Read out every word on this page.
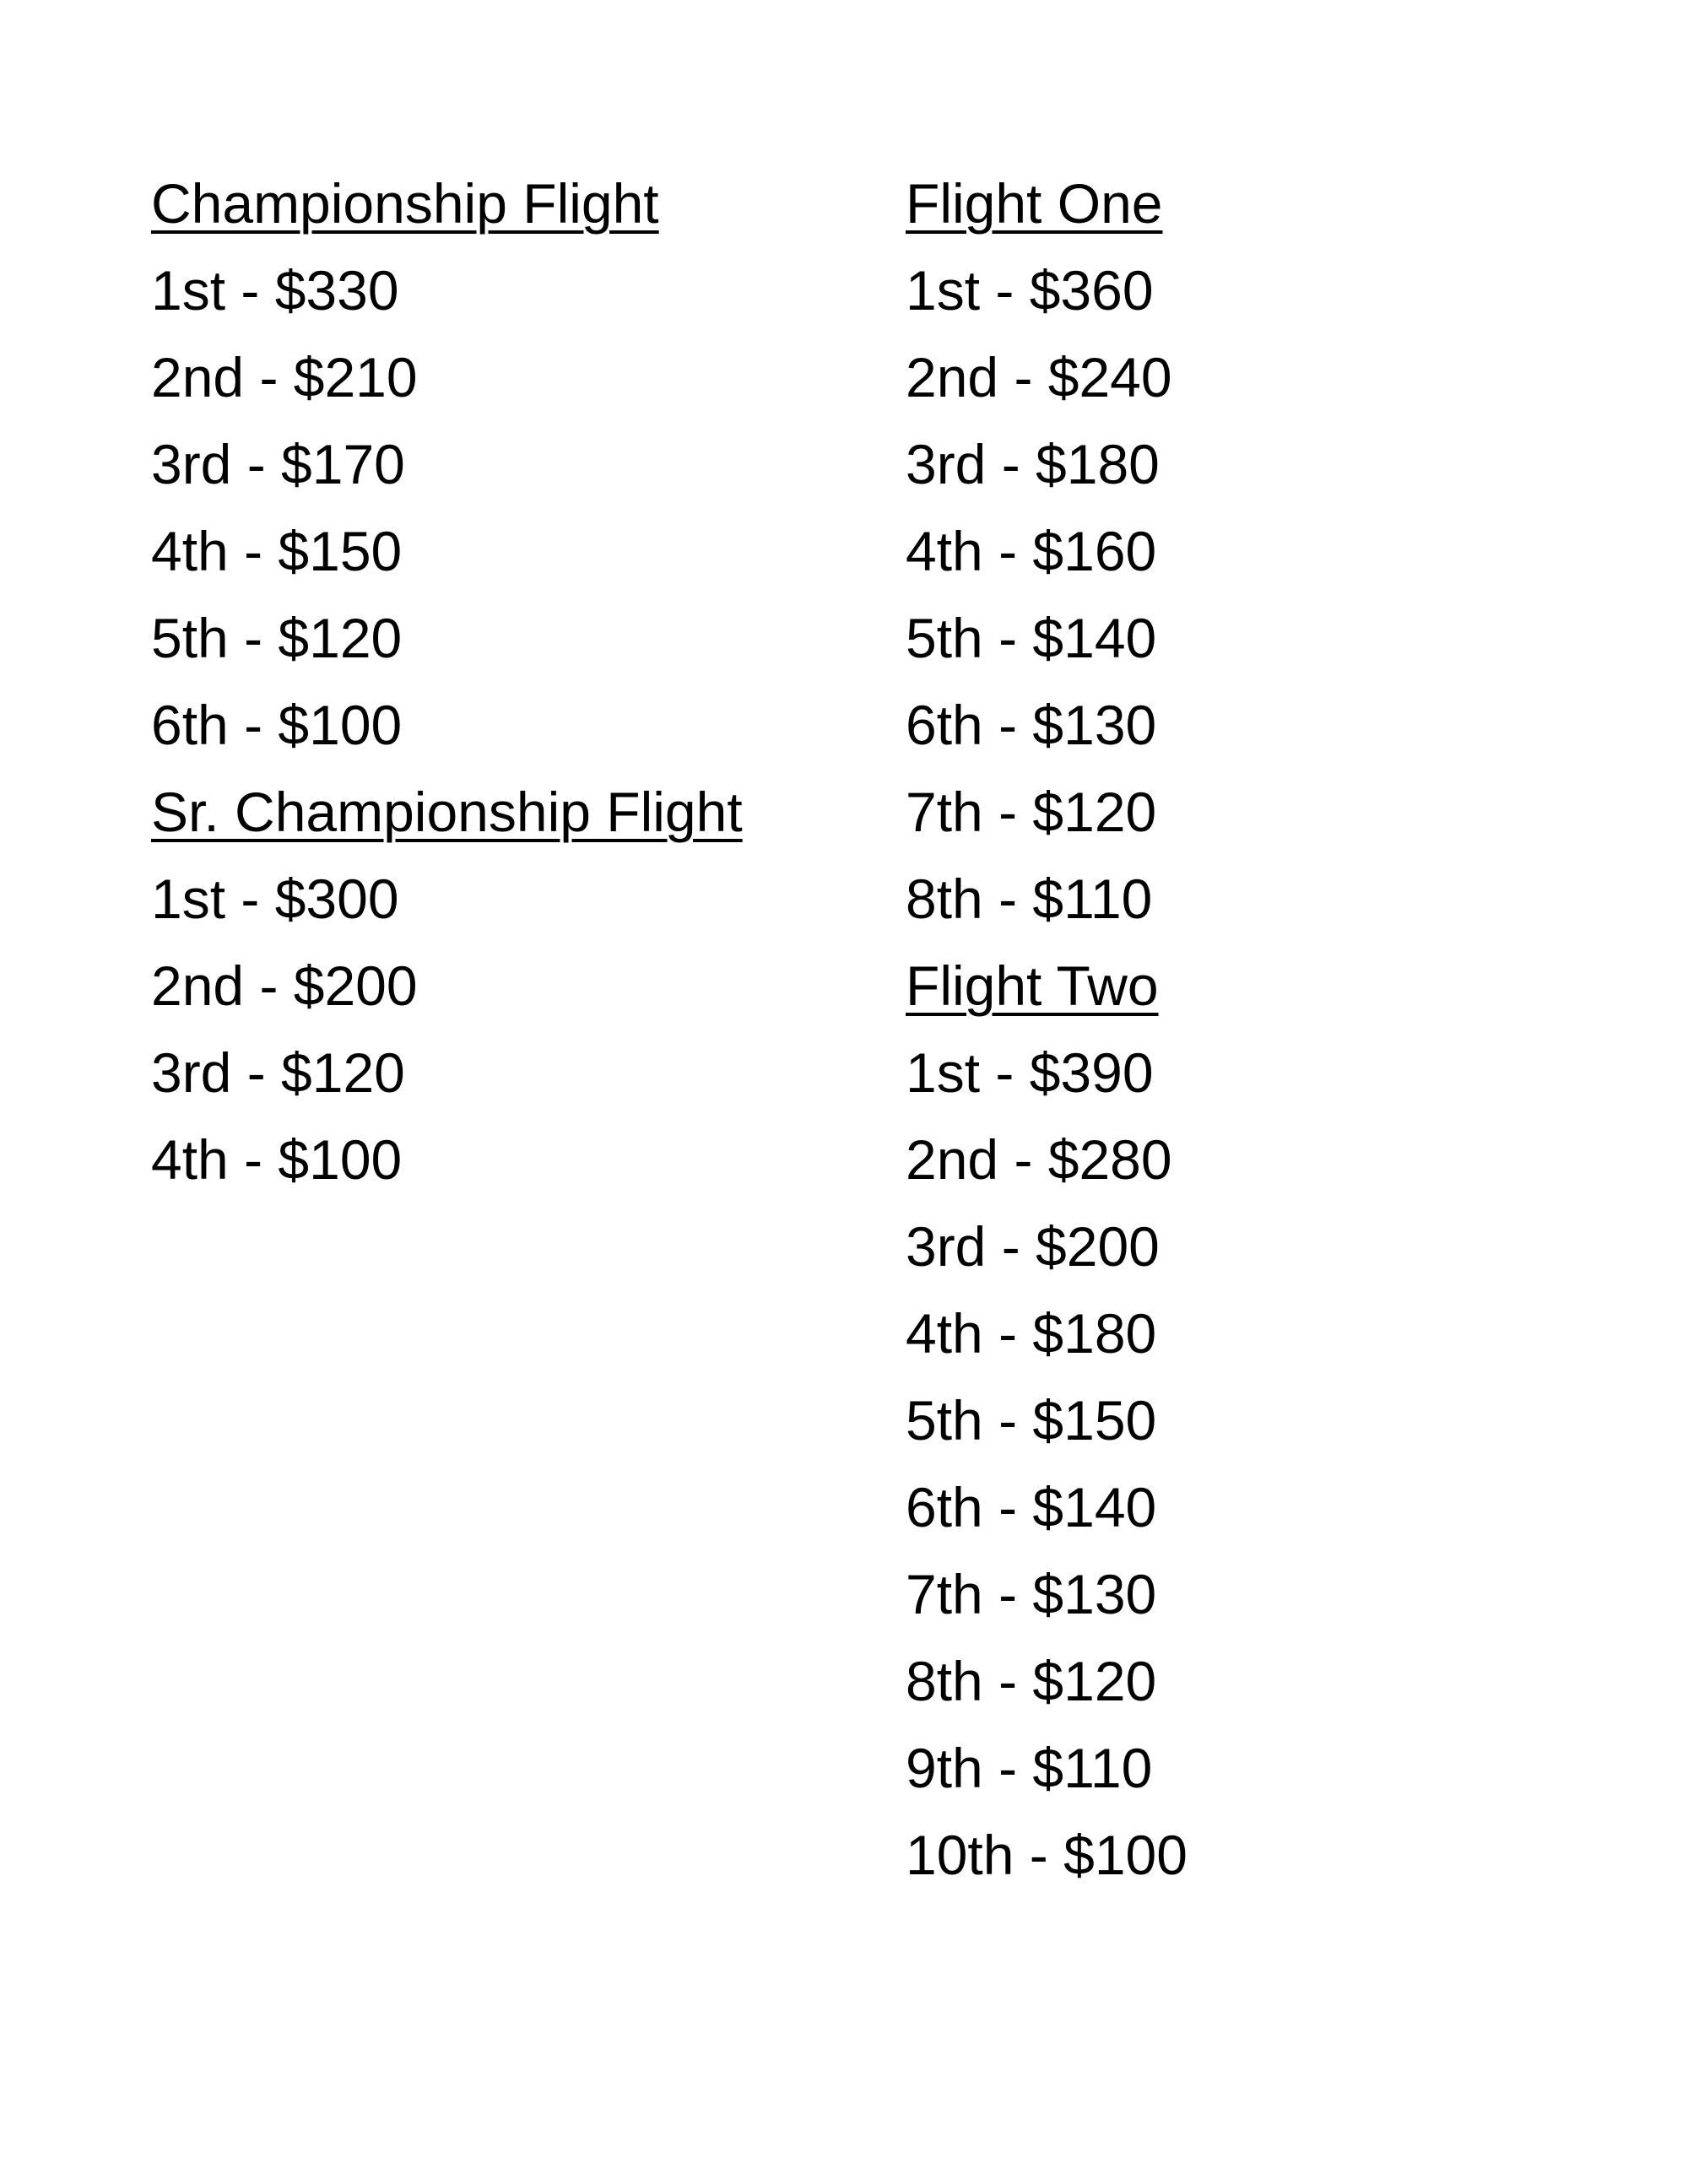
Championship Flight
1st - $330
2nd - $210
3rd - $170
4th - $150
5th - $120
6th - $100
Sr. Championship Flight
1st - $300
2nd - $200
3rd - $120
4th - $100
Flight One
1st - $360
2nd - $240
3rd - $180
4th - $160
5th - $140
6th - $130
7th - $120
8th - $110
Flight Two
1st - $390
2nd - $280
3rd - $200
4th - $180
5th - $150
6th - $140
7th - $130
8th - $120
9th - $110
10th - $100
